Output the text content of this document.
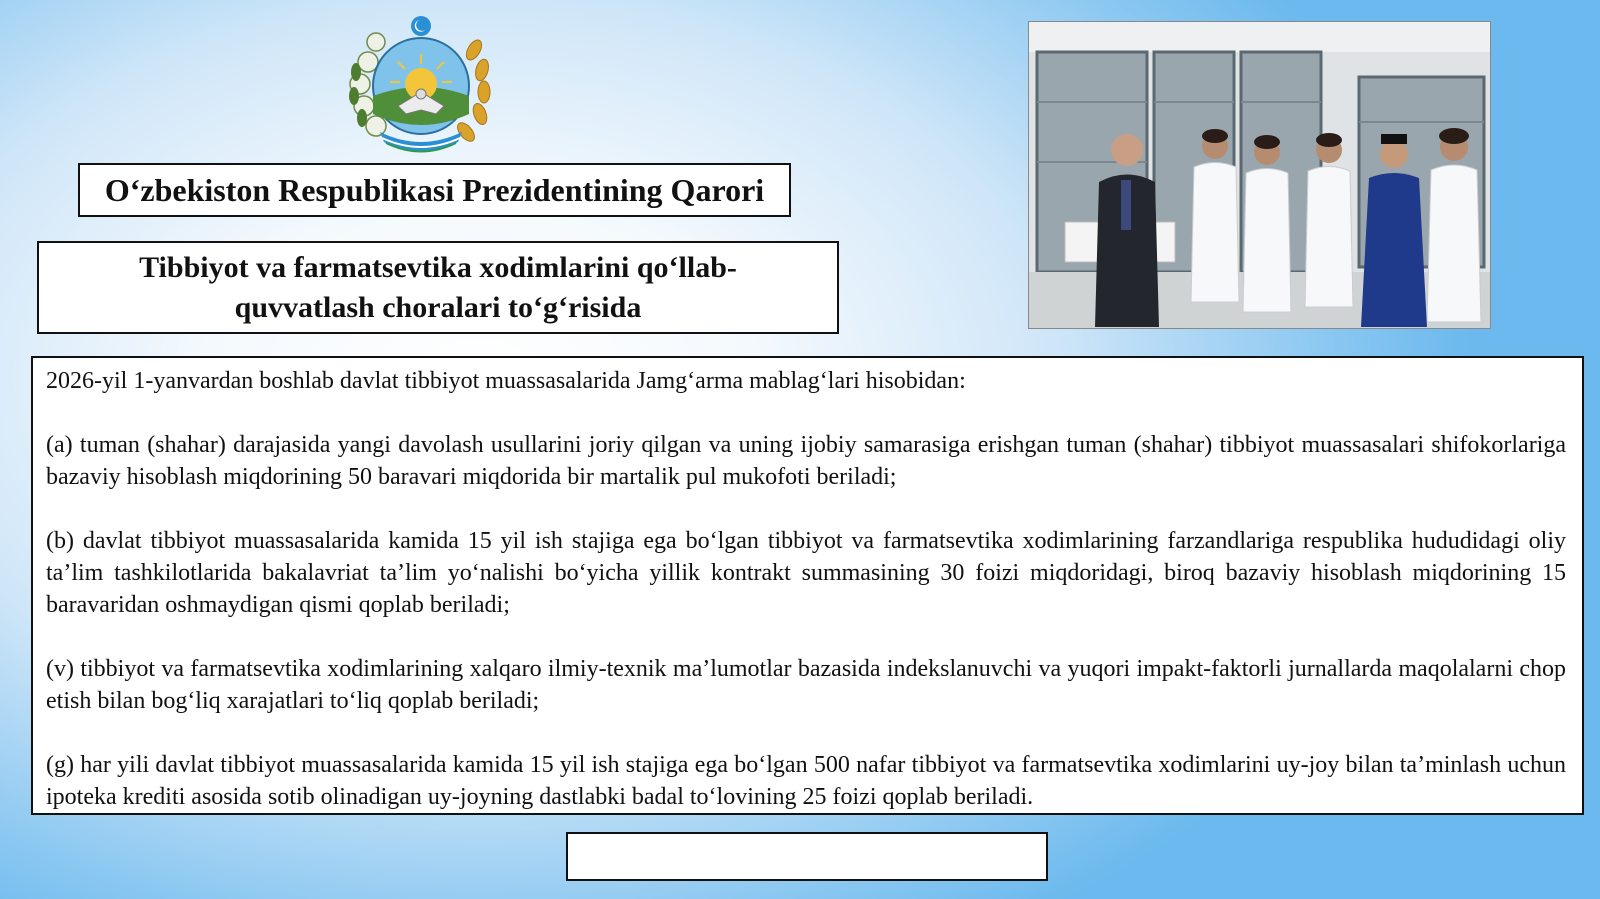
O‘zbekiston Respublikasi Prezidentining Qarori
Tibbiyot va farmatsevtika xodimlarini qo‘llab-quvvatlash choralari to‘g‘risida

2026-yil 1-yanvardan boshlab davlat tibbiyot muassasalarida Jamg‘arma mablag‘lari hisobidan:

(a) tuman (shahar) darajasida yangi davolash usullarini joriy qilgan va uning ijobiy samarasiga erishgan tuman (shahar) tibbiyot muassasalari shifokorlariga bazaviy hisoblash miqdorining 50 baravari miqdorida bir martalik pul mukofoti beriladi;

(b) davlat tibbiyot muassasalarida kamida 15 yil ish stajiga ega bo‘lgan tibbiyot va farmatsevtika xodimlarining farzandlariga respublika hududidagi oliy ta’lim tashkilotlarida bakalavriat ta’lim yo‘nalishi bo‘yicha yillik kontrakt summasining 30 foizi miqdoridagi, biroq bazaviy hisoblash miqdorining 15 baravaridan oshmaydigan qismi qoplab beriladi;

(v) tibbiyot va farmatsevtika xodimlarining xalqaro ilmiy-texnik ma’lumotlar bazasida indekslanuvchi va yuqori impakt-faktorli jurnallarda maqolalarni chop etish bilan bog‘liq xarajatlari to‘liq qoplab beriladi;

(g) har yili davlat tibbiyot muassasalarida kamida 15 yil ish stajiga ega bo‘lgan 500 nafar tibbiyot va farmatsevtika xodimlarini uy-joy bilan ta’minlash uchun ipoteka krediti asosida sotib olinadigan uy-joyning dastlabki badal to‘lovining 25 foizi qoplab beriladi.
